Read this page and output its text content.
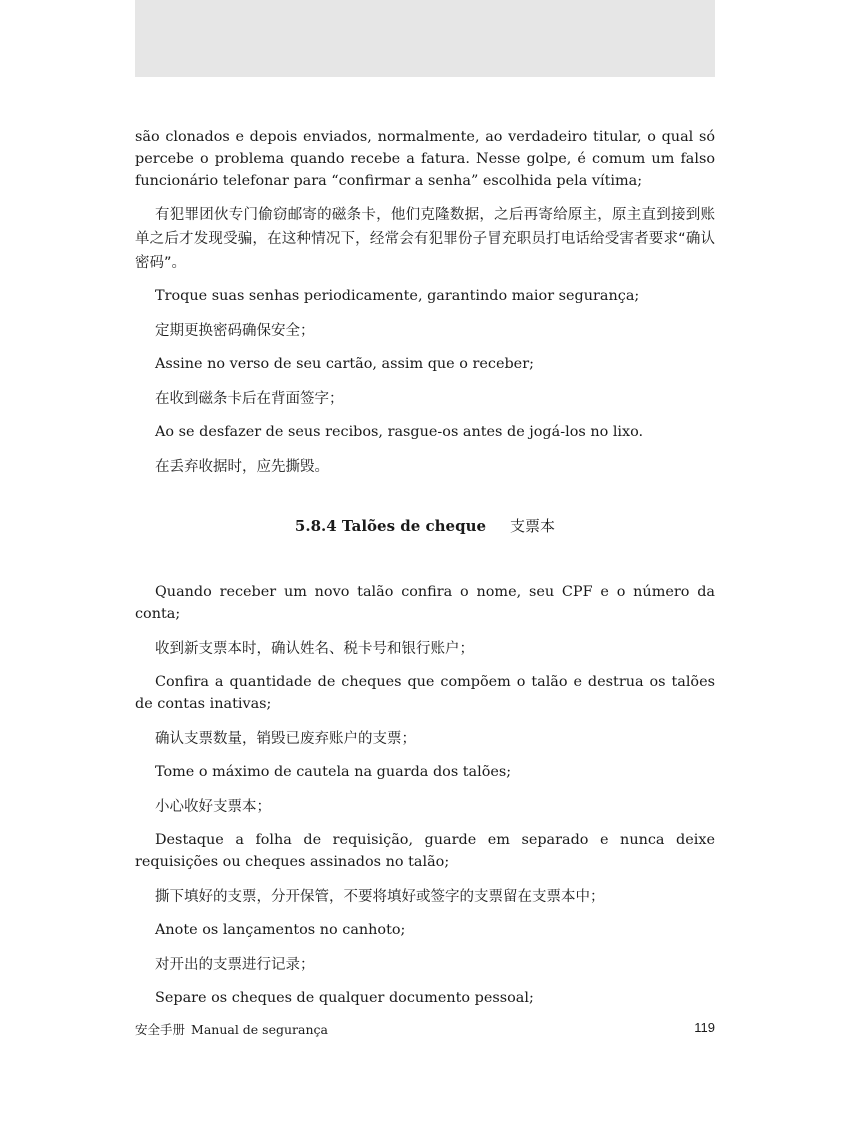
são clonados e depois enviados, normalmente, ao verdadeiro titular, o qual só percebe o problema quando recebe a fatura. Nesse golpe, é comum um falso funcionário telefonar para “confirmar a senha” escolhida pela vítima;

有犯罪团伙专门偷窃邮寄的磁条卡，他们克隆数据，之后再寄给原主，原主直到接到账单之后才发现受骗，在这种情况下，经常会有犯罪份子冒充职员打电话给受害者要求“确认密码”。

Troque suas senhas periodicamente, garantindo maior segurança;

定期更换密码确保安全；

Assine no verso de seu cartão, assim que o receber;

在收到磁条卡后在背面签字；

Ao se desfazer de seus recibos, rasgue-os antes de jogá-los no lixo.

在丢弃收据时，应先撕毁。

5.8.4 Talões de cheque 支票本

Quando receber um novo talão confira o nome, seu CPF e o número da conta;

收到新支票本时，确认姓名、税卡号和银行账户；

Confira a quantidade de cheques que compõem o talão e destrua os talões de contas inativas;

确认支票数量，销毁已废弃账户的支票；

Tome o máximo de cautela na guarda dos talões;

小心收好支票本；

Destaque a folha de requisição, guarde em separado e nunca deixe requisições ou cheques assinados no talão;

撕下填好的支票，分开保管，不要将填好或签字的支票留在支票本中；

Anote os lançamentos no canhoto;

对开出的支票进行记录；

Separe os cheques de qualquer documento pessoal;

安全手册 Manual de segurança	119
